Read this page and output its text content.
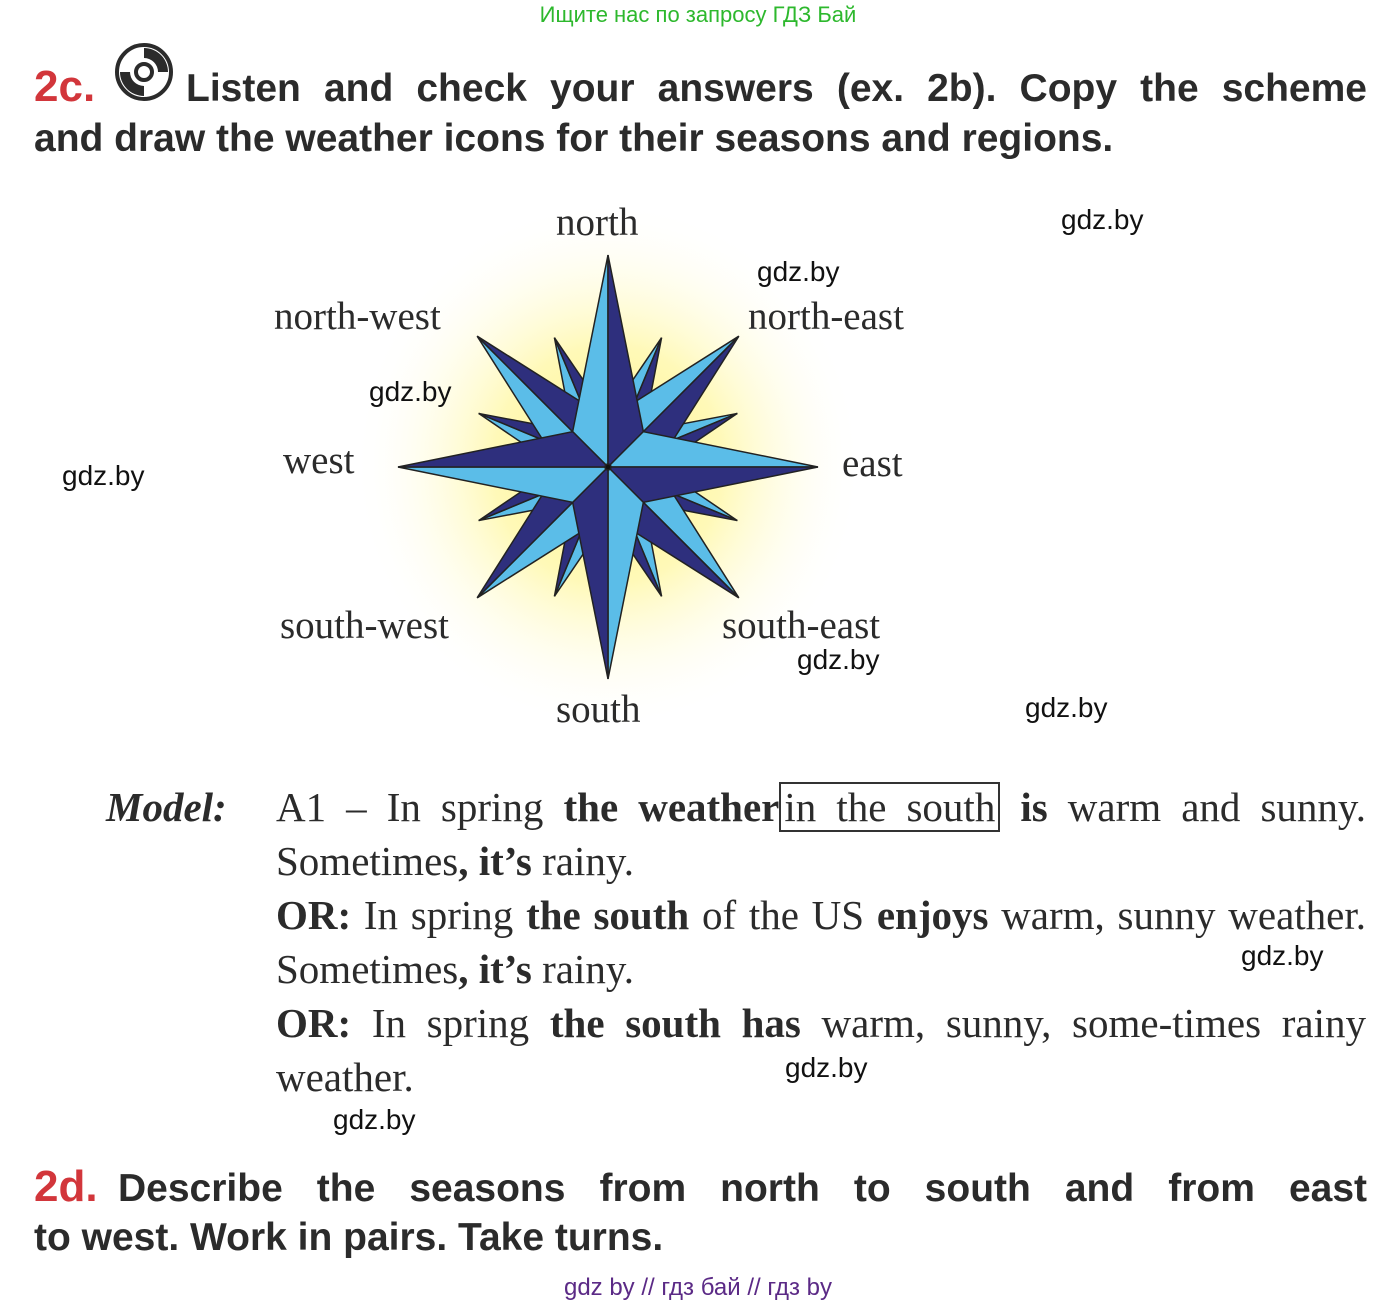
Ищите нас по запросу ГДЗ Бай
2c. Listen and check your answers (ex. 2b). Copy the scheme
and draw the weather icons for their seasons and regions.
north
north-east
east
south-east
south
south-west
west
north-west
gdz.by
gdz.by
gdz.by
gdz.by
gdz.by
gdz.by
gdz.by
gdz.by
gdz.by
Model: A1 – In spring the weather in the south is warm and sunny. Sometimes, it’s rainy.

OR: In spring the south of the US enjoys warm, sunny weather. Sometimes, it’s rainy.

OR: In spring the south has warm, sunny, some-times rainy weather.

2d. Describe the seasons from north to south and from east
to west. Work in pairs. Take turns.
gdz by // гдз бай // гдз by
